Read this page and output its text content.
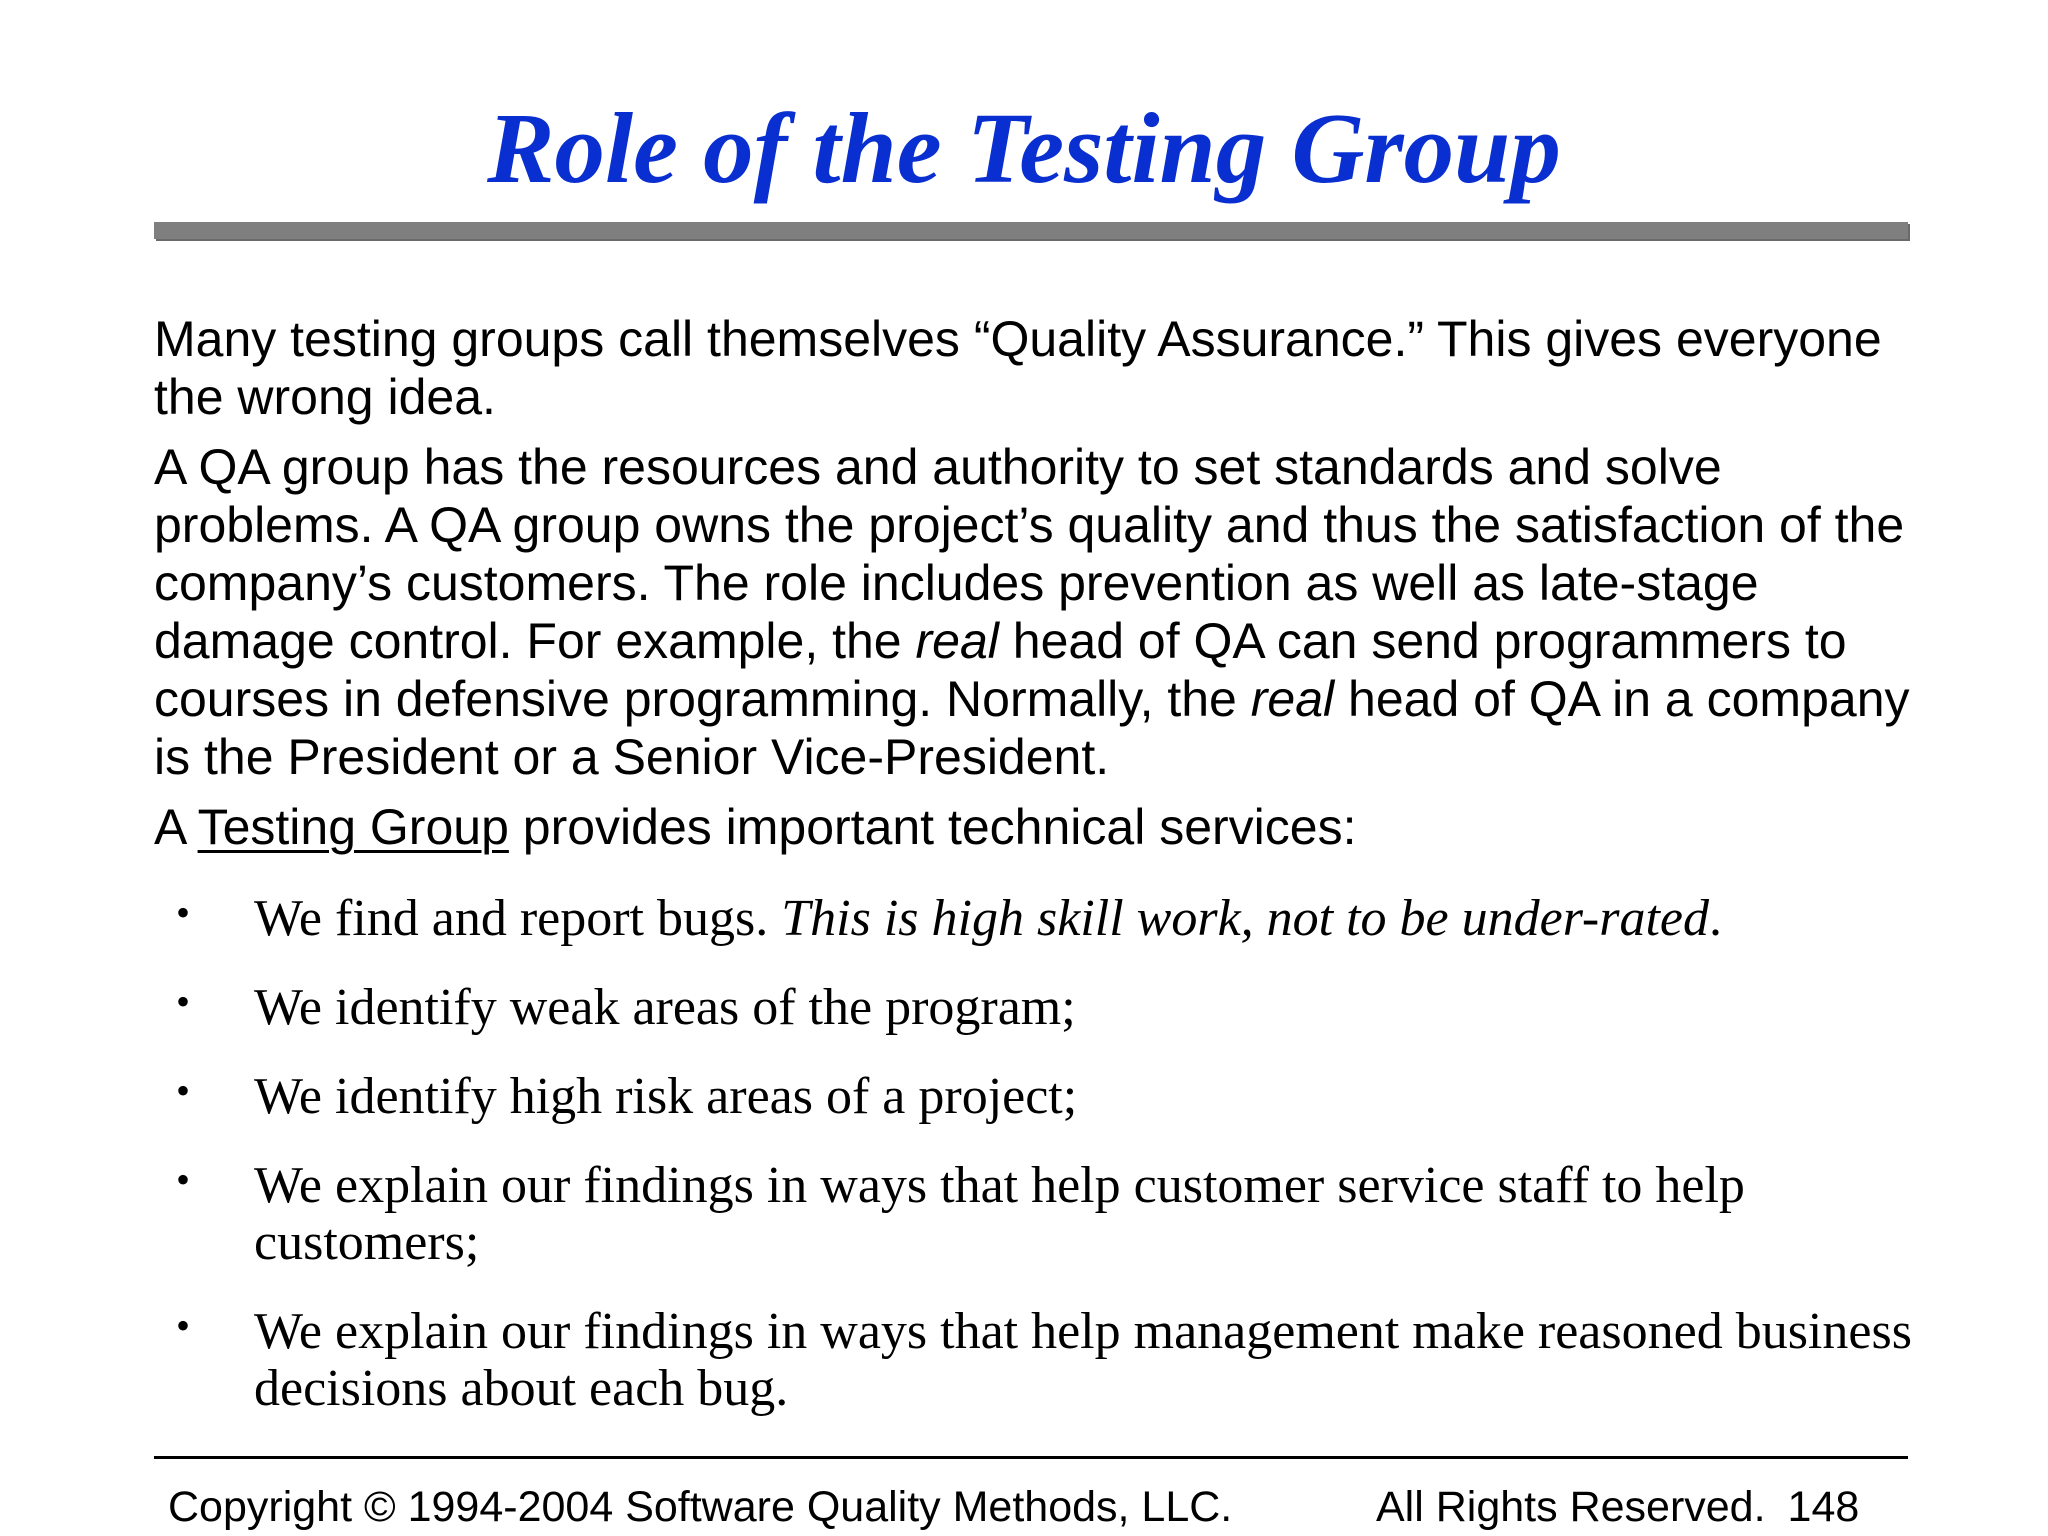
Role of the Testing Group

Many testing groups call themselves “Quality Assurance.” This gives everyone the wrong idea.

A QA group has the resources and authority to set standards and solve problems. A QA group owns the project’s quality and thus the satisfaction of the company’s customers. The role includes prevention as well as late-stage damage control. For example, the real head of QA can send programmers to courses in defensive programming. Normally, the real head of QA in a company is the President or a Senior Vice-President.

A Testing Group provides important technical services:

• We find and report bugs. This is high skill work, not to be under-rated.
• We identify weak areas of the program;
• We identify high risk areas of a project;
• We explain our findings in ways that help customer service staff to help customers;
• We explain our findings in ways that help management make reasoned business decisions about each bug.
Copyright © 1994-2004 Software Quality Methods, LLC.	All Rights Reserved. 148
